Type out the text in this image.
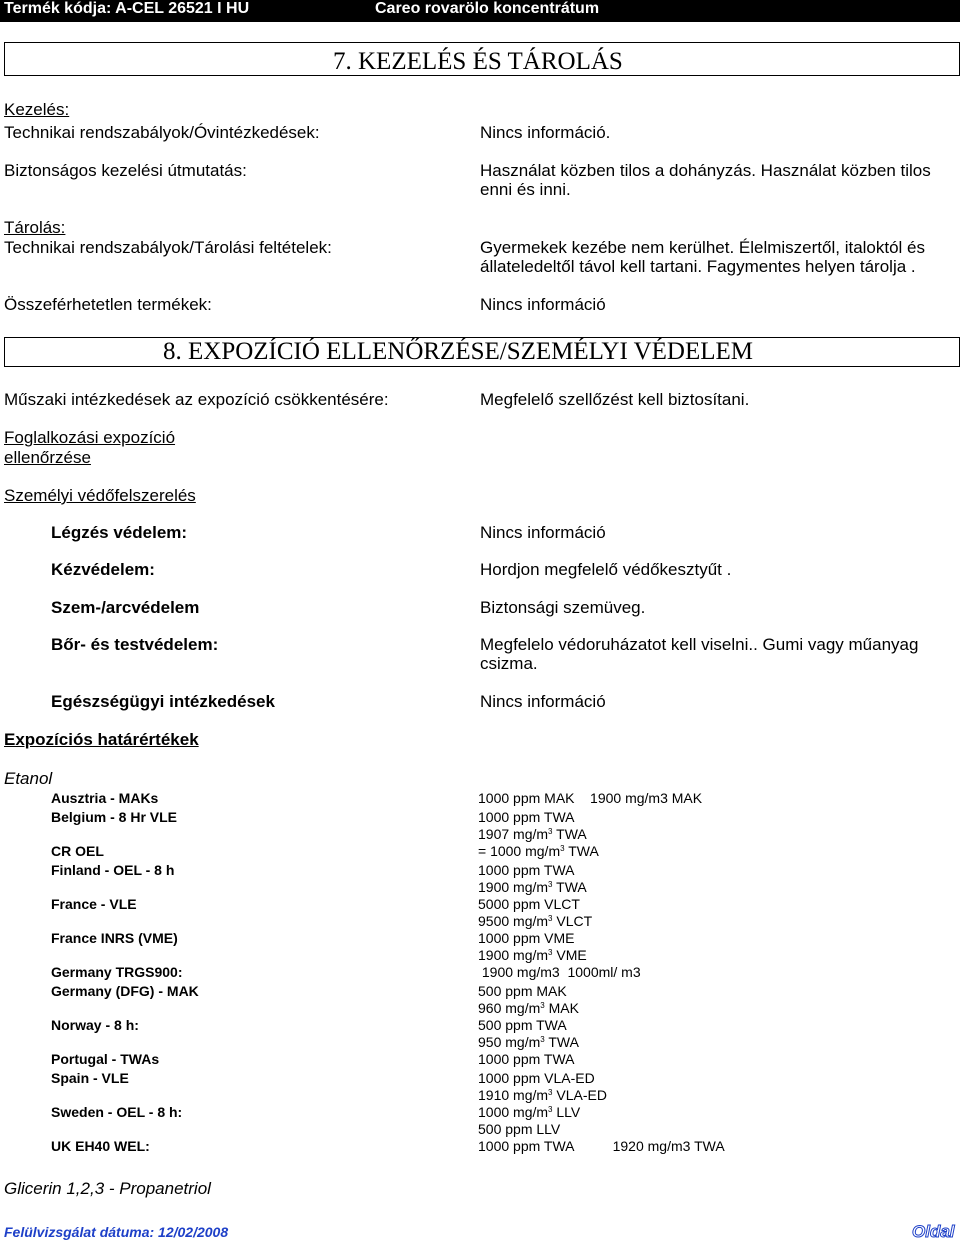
Termék kódja: A-CEL 26521 I HU	Careo rovarölo koncentrátum
7. KEZELÉS ÉS TÁROLÁS
Kezelés:
Technikai rendszabályok/Óvintézkedések:	Nincs információ.
Biztonságos kezelési útmutatás:	Használat közben tilos a dohányzás. Használat közben tilos enni és inni.
Tárolás:
Technikai rendszabályok/Tárolási feltételek:	Gyermekek kezébe nem kerülhet. Élelmiszertől, italoktól és állateledeltől távol kell tartani. Fagymentes helyen tárolja .
Összeférhetetlen termékek:	Nincs információ
8. EXPOZÍCIÓ ELLENŐRZÉSE/SZEMÉLYI VÉDELEM
Műszaki intézkedések az expozíció csökkentésére:	Megfelelő szellőzést kell biztosítani.
Foglalkozási expozíció
ellenőrzése
Személyi védőfelszerelés
Légzés védelem:	Nincs információ
Kézvédelem:	Hordjon megfelelő védőkesztyűt .
Szem-/arcvédelem	Biztonsági szemüveg.
Bőr- és testvédelem:	Megfelelo védoruházatot kell viselni.. Gumi vagy műanyag csizma.
Egészségügyi intézkedések	Nincs információ
Expozíciós határértékek
Etanol
Ausztria - MAKs	1000 ppm MAK    1900 mg/m3 MAK
Belgium - 8 Hr VLE	1000 ppm TWA
1907 $mg/m^3$ TWA
CR OEL	= 1000 $mg/m^3$ TWA
Finland - OEL - 8 h	1000 ppm TWA
1900 $mg/m^3$ TWA
France - VLE	5000 ppm VLCT
9500 $mg/m^3$ VLCT
France INRS (VME)	1000 ppm VME
1900 $mg/m^3$ VME
Germany TRGS900:	1900 mg/m3  1000ml/ m3
Germany (DFG) - MAK	500 ppm MAK
960 $mg/m^3$ MAK
Norway - 8 h:	500 ppm TWA
950 $mg/m^3$ TWA
Portugal - TWAs	1000 ppm TWA
Spain - VLE	1000 ppm VLA-ED
1910 $mg/m^3$ VLA-ED
Sweden - OEL - 8 h:	1000 $mg/m^3$ LLV
500 ppm LLV
UK EH40 WEL:	1000 ppm TWA          1920 mg/m3 TWA
Glicerin 1,2,3 - Propanetriol
Felülvizsgálat dátuma: 12/02/2008	Oldal
